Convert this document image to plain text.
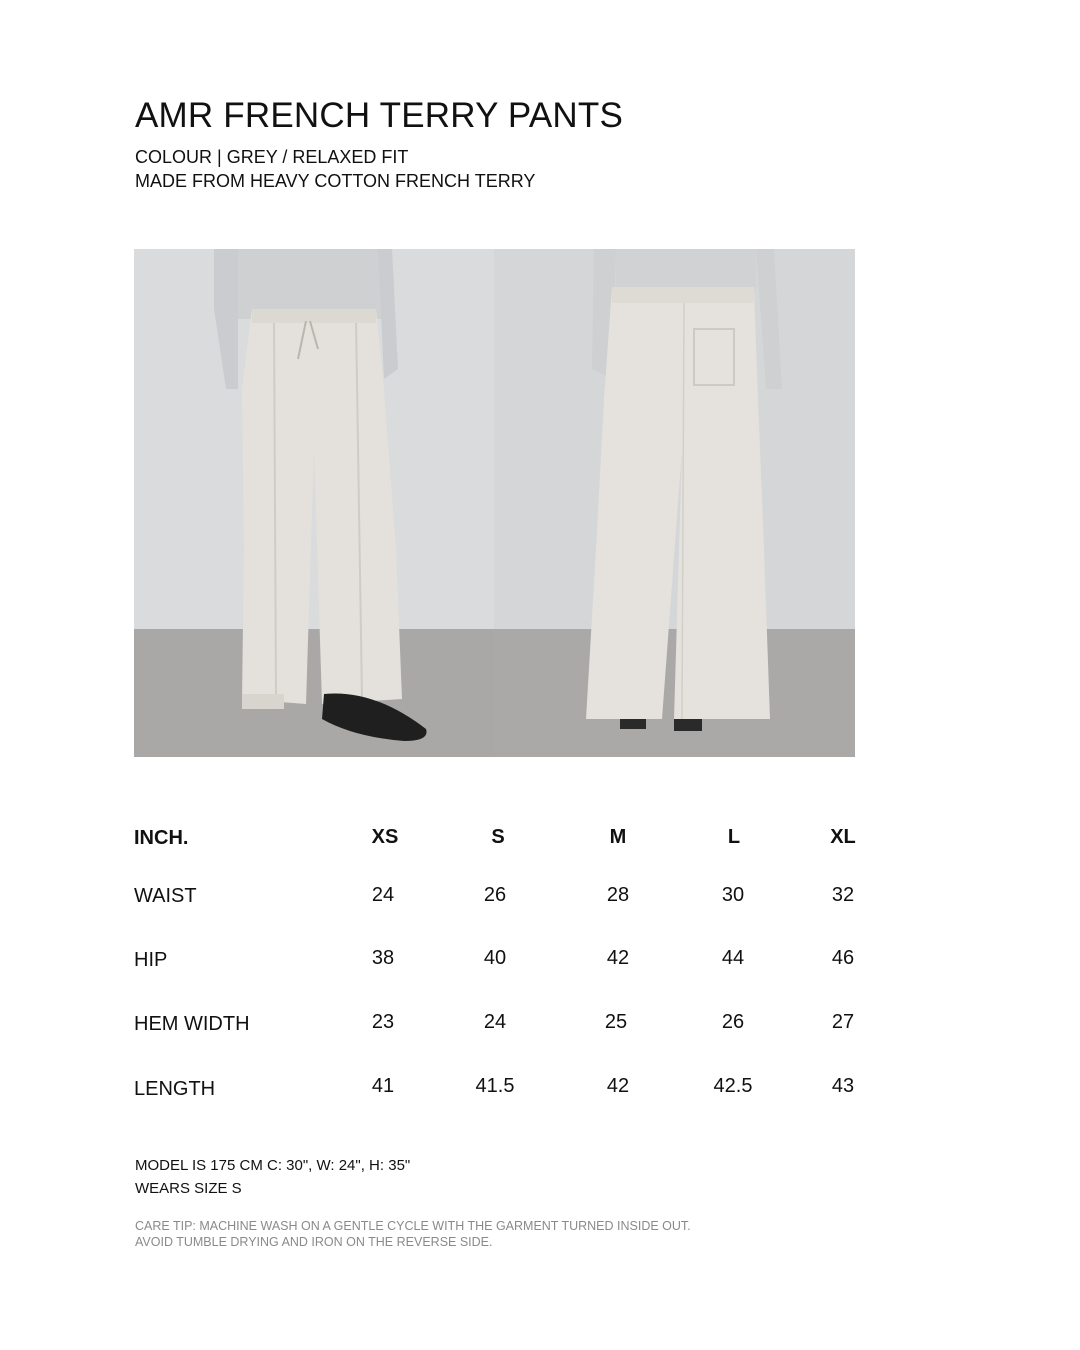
AMR FRENCH TERRY PANTS
COLOUR | GREY / RELAXED FIT
MADE FROM HEAVY COTTON FRENCH TERRY
INCH.	XS	S	M	L	XL
WAIST	24	26	28	30	32
HIP	38	40	42	44	46
HEM WIDTH	23	24	25	26	27
LENGTH	41	41.5	42	42.5	43
MODEL IS 175 CM C: 30", W: 24", H: 35"
WEARS SIZE S
CARE TIP: MACHINE WASH ON A GENTLE CYCLE WITH THE GARMENT TURNED INSIDE OUT.
AVOID TUMBLE DRYING AND IRON ON THE REVERSE SIDE.
